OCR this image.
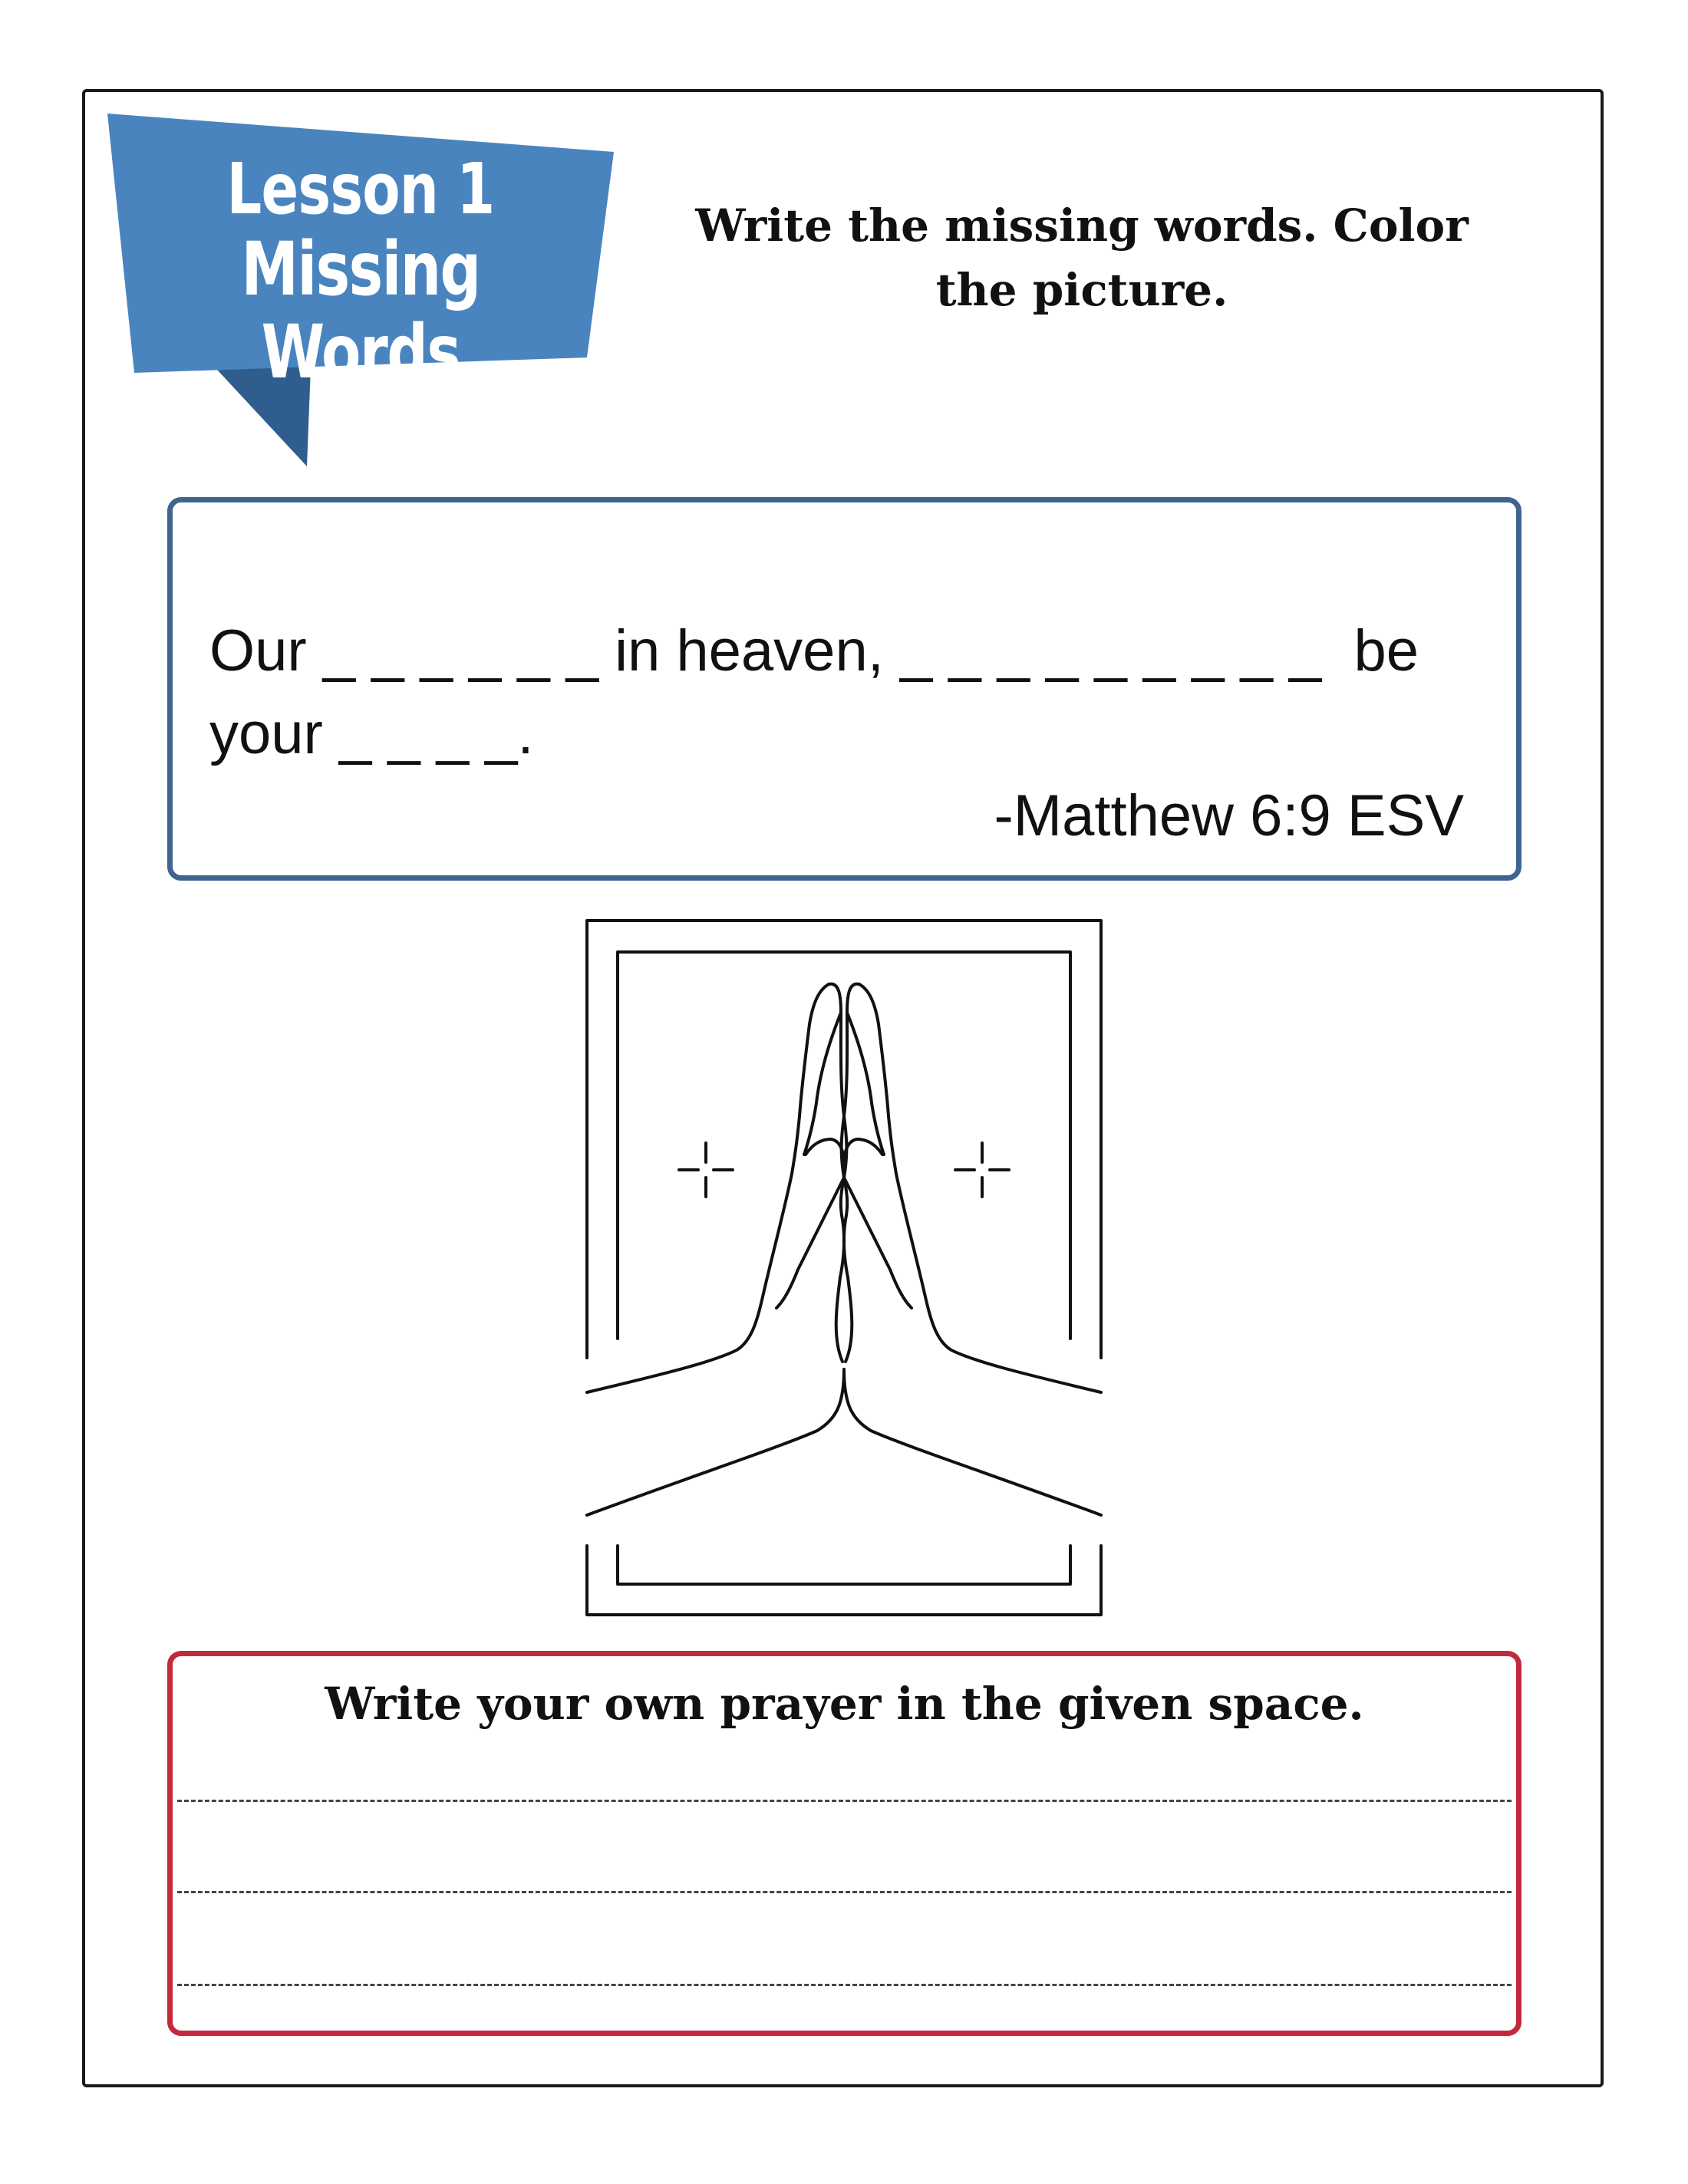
Lesson 1
Missing Words
Write the missing words. Color the picture.

Our _ _ _ _ _ _ in heaven, _ _ _ _ _ _ _ _ _  be your _ _ _ _.

-Matthew 6:9 ESV

Write your own prayer in the given space.
